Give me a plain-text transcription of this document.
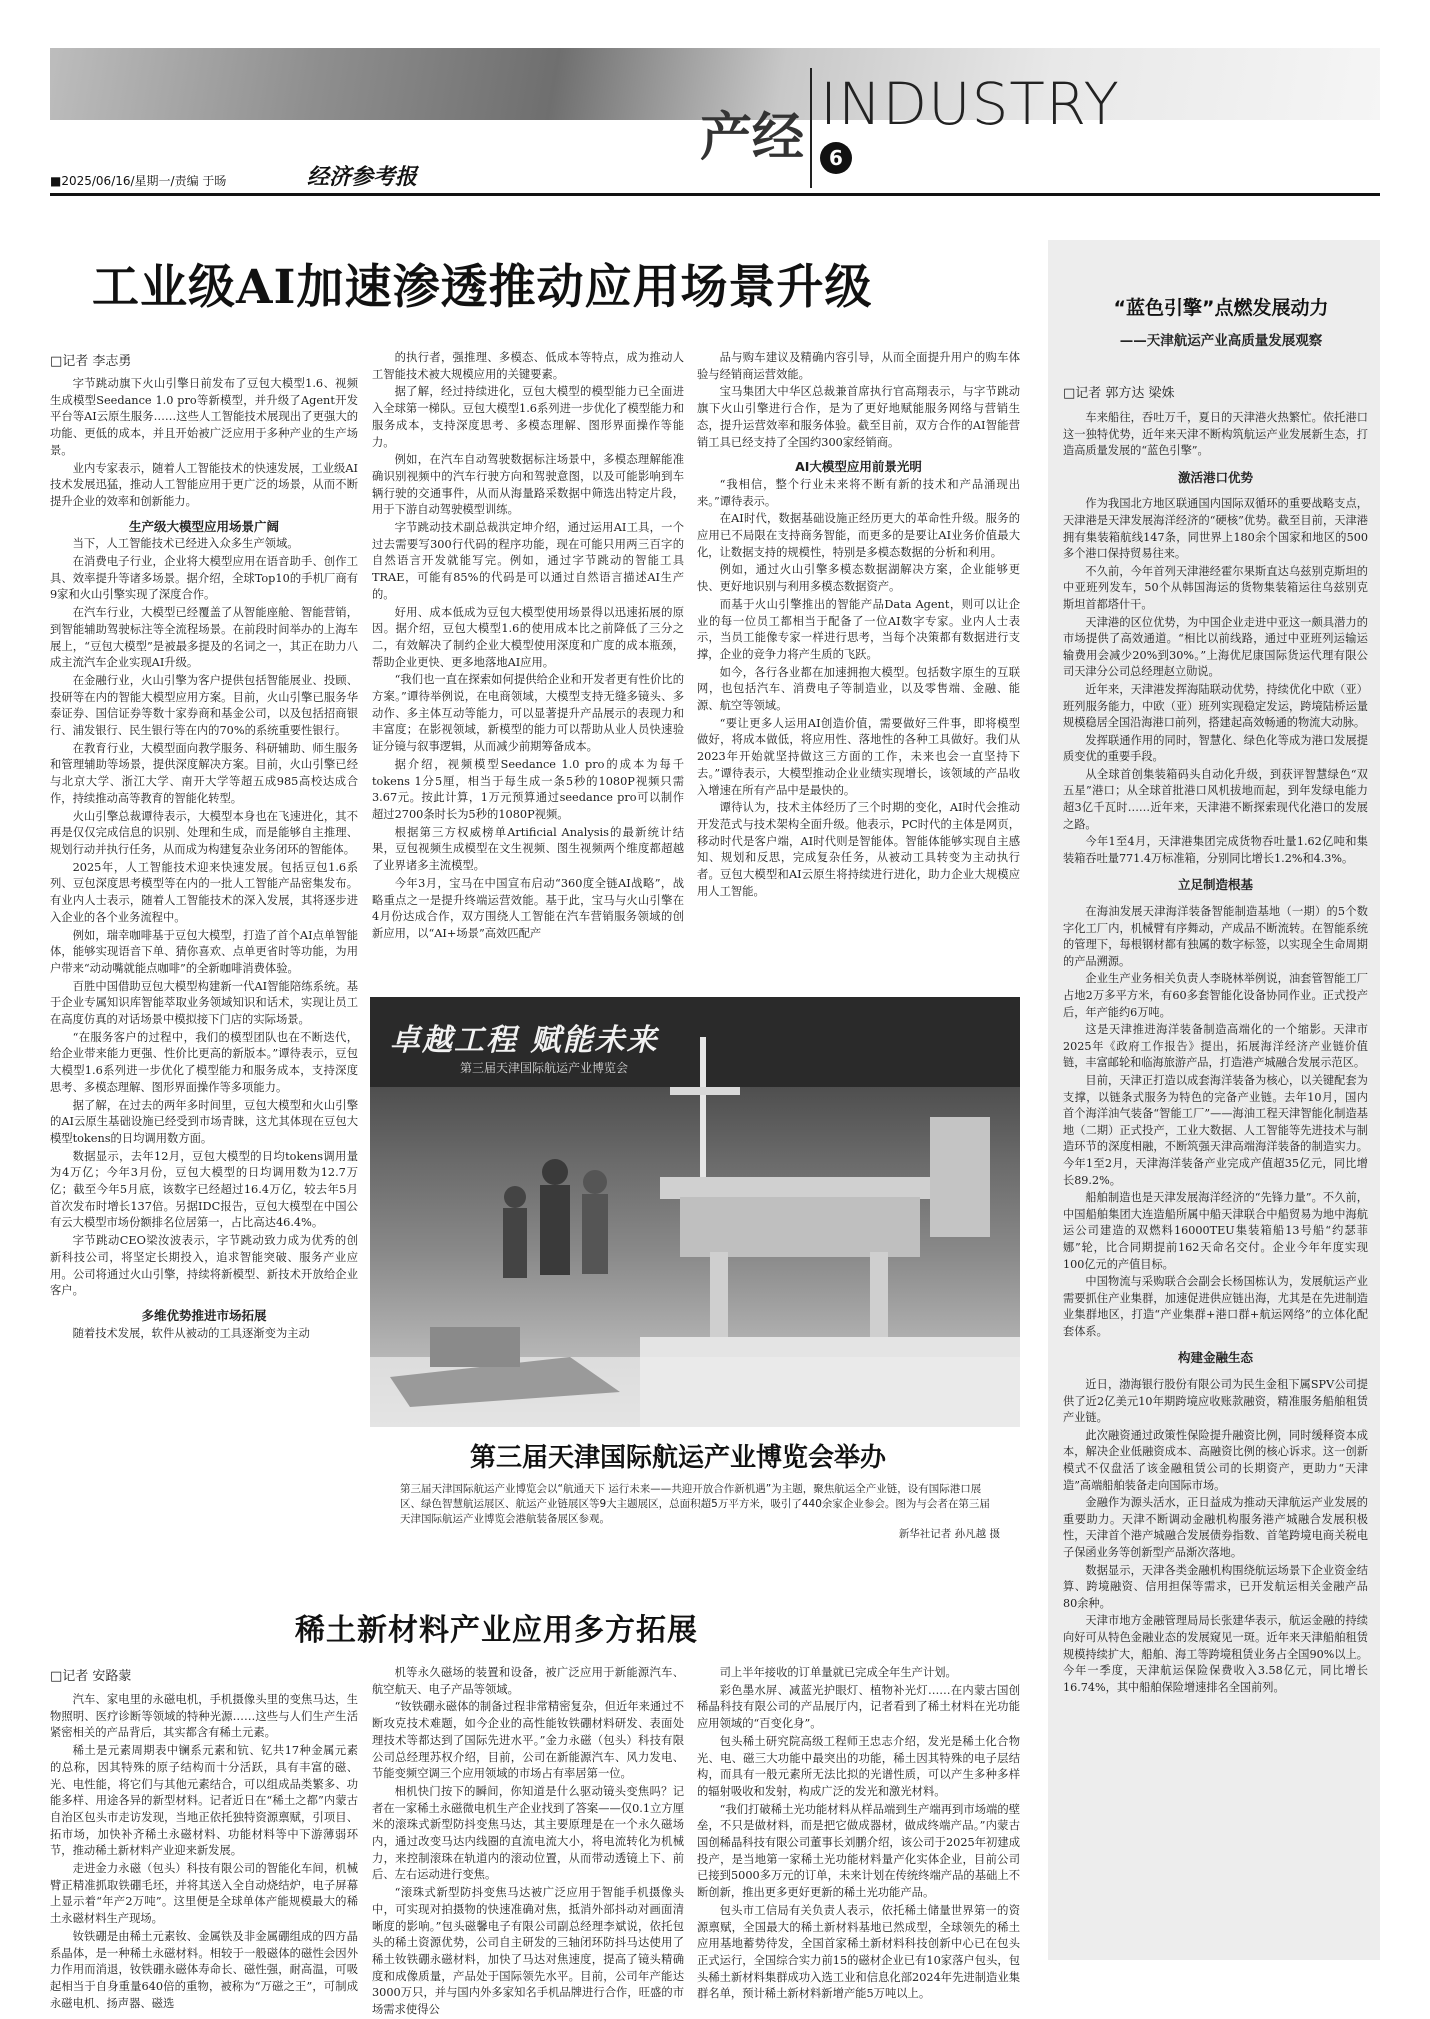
产经 INDUSTRY
6
■2025/06/16/星期一/责编 于旸	经济参考报
工业级AI加速渗透推动应用场景升级
□记者 李志勇

字节跳动旗下火山引擎日前发布了豆包大模型1.6、视频生成模型Seedance 1.0 pro等新模型，并升级了Agent开发平台等AI云原生服务……这些人工智能技术展现出了更强大的功能、更低的成本，并且开始被广泛应用于多种产业的生产场景。

业内专家表示，随着人工智能技术的快速发展，工业级AI技术发展迅猛，推动人工智能应用于更广泛的场景，从而不断提升企业的效率和创新能力。

生产级大模型应用场景广阔

当下，人工智能技术已经进入众多生产领域。

在消费电子行业，企业将大模型应用在语音助手、创作工具、效率提升等诸多场景。据介绍，全球Top10的手机厂商有9家和火山引擎实现了深度合作。

在汽车行业，大模型已经覆盖了从智能座舱、智能营销，到智能辅助驾驶标注等全流程场景。在前段时间举办的上海车展上，“豆包大模型”是被最多提及的名词之一，其正在助力八成主流汽车企业实现AI升级。

在金融行业，火山引擎为客户提供包括智能展业、投顾、投研等在内的智能大模型应用方案。目前，火山引擎已服务华泰证券、国信证券等数十家券商和基金公司，以及包括招商银行、浦发银行、民生银行等在内的70%的系统重要性银行。

在教育行业，大模型面向教学服务、科研辅助、师生服务和管理辅助等场景，提供深度解决方案。目前，火山引擎已经与北京大学、浙江大学、南开大学等超五成985高校达成合作，持续推动高等教育的智能化转型。

火山引擎总裁谭待表示，大模型本身也在飞速进化，其不再是仅仅完成信息的识别、处理和生成，而是能够自主推理、规划行动并执行任务，从而成为构建复杂业务闭环的智能体。

2025年，人工智能技术迎来快速发展。包括豆包1.6系列、豆包深度思考模型等在内的一批人工智能产品密集发布。有业内人士表示，随着人工智能技术的深入发展，其将逐步进入企业的各个业务流程中。

例如，瑞幸咖啡基于豆包大模型，打造了首个AI点单智能体，能够实现语音下单、猜你喜欢、点单更省时等功能，为用户带来“动动嘴就能点咖啡”的全新咖啡消费体验。

百胜中国借助豆包大模型构建新一代AI智能陪练系统。基于企业专属知识库智能萃取业务领域知识和话术，实现让员工在高度仿真的对话场景中模拟接下门店的实际场景。

“在服务客户的过程中，我们的模型团队也在不断迭代，给企业带来能力更强、性价比更高的新版本。”谭待表示，豆包大模型1.6系列进一步优化了模型能力和服务成本，支持深度思考、多模态理解、图形界面操作等多项能力。

据了解，在过去的两年多时间里，豆包大模型和火山引擎的AI云原生基础设施已经受到市场青睐，这尤其体现在豆包大模型tokens的日均调用数方面。

数据显示，去年12月，豆包大模型的日均tokens调用量为4万亿；今年3月份，豆包大模型的日均调用数为12.7万亿；截至今年5月底，该数字已经超过16.4万亿，较去年5月首次发布时增长137倍。另据IDC报告，豆包大模型在中国公有云大模型市场份额排名位居第一，占比高达46.4%。

字节跳动CEO梁汝波表示，字节跳动致力成为优秀的创新科技公司，将坚定长期投入，追求智能突破、服务产业应用。公司将通过火山引擎，持续将新模型、新技术开放给企业客户。

多维优势推进市场拓展

随着技术发展，软件从被动的工具逐渐变为主动

的执行者，强推理、多模态、低成本等特点，成为推动人工智能技术被大规模应用的关键要素。

据了解，经过持续进化，豆包大模型的模型能力已全面进入全球第一梯队。豆包大模型1.6系列进一步优化了模型能力和服务成本，支持深度思考、多模态理解、图形界面操作等能力。

例如，在汽车自动驾驶数据标注场景中，多模态理解能准确识别视频中的汽车行驶方向和驾驶意图，以及可能影响到车辆行驶的交通事件，从而从海量路采数据中筛选出特定片段，用于下游自动驾驶模型训练。

字节跳动技术副总裁洪定坤介绍，通过运用AI工具，一个过去需要写300行代码的程序功能，现在可能只用两三百字的自然语言开发就能写完。例如，通过字节跳动的智能工具TRAE，可能有85%的代码是可以通过自然语言描述AI生产的。

好用、成本低成为豆包大模型使用场景得以迅速拓展的原因。据介绍，豆包大模型1.6的使用成本比之前降低了三分之二，有效解决了制约企业大模型使用深度和广度的成本瓶颈，帮助企业更快、更多地落地AI应用。

“我们也一直在探索如何提供给企业和开发者更有性价比的方案。”谭待举例说，在电商领域，大模型支持无缝多镜头、多动作、多主体互动等能力，可以显著提升产品展示的表现力和丰富度；在影视领域，新模型的能力可以帮助从业人员快速验证分镜与叙事逻辑，从而减少前期筹备成本。

据介绍，视频模型Seedance 1.0 pro的成本为每千tokens 1分5厘，相当于每生成一条5秒的1080P视频只需3.67元。按此计算，1万元预算通过seedance pro可以制作超过2700条时长为5秒的1080P视频。

根据第三方权威榜单Artificial Analysis的最新统计结果，豆包视频生成模型在文生视频、图生视频两个维度都超越了业界诸多主流模型。

今年3月，宝马在中国宣布启动“360度全链AI战略”，战略重点之一是提升终端运营效能。基于此，宝马与火山引擎在4月份达成合作，双方围绕人工智能在汽车营销服务领域的创新应用，以“AI+场景”高效匹配产

品与购车建议及精确内容引导，从而全面提升用户的购车体验与经销商运营效能。

宝马集团大中华区总裁兼首席执行官高翔表示，与字节跳动旗下火山引擎进行合作，是为了更好地赋能服务网络与营销生态，提升运营效率和服务体验。截至目前，双方合作的AI智能营销工具已经支持了全国约300家经销商。

AI大模型应用前景光明

“我相信，整个行业未来将不断有新的技术和产品涌现出来。”谭待表示。

在AI时代，数据基础设施正经历更大的革命性升级。服务的应用已不局限在支持商务智能，而更多的是要让AI业务价值最大化，让数据支持的规模性，特别是多模态数据的分析和利用。

例如，通过火山引擎多模态数据湖解决方案，企业能够更快、更好地识别与利用多模态数据资产。

而基于火山引擎推出的智能产品Data Agent，则可以让企业的每一位员工都相当于配备了一位AI数字专家。业内人士表示，当员工能像专家一样进行思考，当每个决策都有数据进行支撑，企业的竞争力将产生质的飞跃。

如今，各行各业都在加速拥抱大模型。包括数字原生的互联网，也包括汽车、消费电子等制造业，以及零售端、金融、能源、航空等领域。

“要让更多人运用AI创造价值，需要做好三件事，即将模型做好，将成本做低，将应用性、落地性的各种工具做好。我们从2023年开始就坚持做这三方面的工作，未来也会一直坚持下去。”谭待表示，大模型推动企业业绩实现增长，该领域的产品收入增速在所有产品中是最快的。

谭待认为，技术主体经历了三个时期的变化，AI时代会推动开发范式与技术架构全面升级。他表示，PC时代的主体是网页，移动时代是客户端，AI时代则是智能体。智能体能够实现自主感知、规划和反思，完成复杂任务，从被动工具转变为主动执行者。豆包大模型和AI云原生将持续进行进化，助力企业大规模应用人工智能。

卓越工程 赋能未来
第三届天津国际航运产业博览会
第三届天津国际航运产业博览会举办
第三届天津国际航运产业博览会以“航通天下 运行未来——共迎开放合作新机遇”为主题，聚焦航运全产业链，设有国际港口展区、绿色智慧航运展区、航运产业链展区等9大主题展区，总面积超5万平方米，吸引了440余家企业参会。图为与会者在第三届天津国际航运产业博览会港航装备展区参观。
新华社记者 孙凡越 摄
稀土新材料产业应用多方拓展
□记者 安路蒙

汽车、家电里的永磁电机，手机摄像头里的变焦马达，生物照明、医疗诊断等领域的特种光源……这些与人们生产生活紧密相关的产品背后，其实都含有稀土元素。

稀土是元素周期表中镧系元素和钪、钇共17种金属元素的总称，因其特殊的原子结构而十分活跃，具有丰富的磁、光、电性能，将它们与其他元素结合，可以组成品类繁多、功能多样、用途各异的新型材料。记者近日在“稀土之都”内蒙古自治区包头市走访发现，当地正依托独特资源禀赋，引项目、拓市场，加快补齐稀土永磁材料、功能材料等中下游薄弱环节，推动稀土新材料产业迎来新发展。

走进金力永磁（包头）科技有限公司的智能化车间，机械臂正精准抓取铁硼毛坯，并将其送入全自动烧结炉，电子屏幕上显示着“年产2万吨”。这里便是全球单体产能规模最大的稀土永磁材料生产现场。

钕铁硼是由稀土元素钕、金属铁及非金属硼组成的四方晶系晶体，是一种稀土永磁材料。相较于一般磁体的磁性会因外力作用而消退，钕铁硼永磁体寿命长、磁性强，耐高温，可吸起相当于自身重量640倍的重物，被称为“万磁之王”，可制成永磁电机、扬声器、磁选

机等永久磁场的装置和设备，被广泛应用于新能源汽车、航空航天、电子产品等领域。

“钕铁硼永磁体的制备过程非常精密复杂，但近年来通过不断攻克技术难题，如今企业的高性能钕铁硼材料研发、表面处理技术等都达到了国际先进水平。”金力永磁（包头）科技有限公司总经理苏权介绍，目前，公司在新能源汽车、风力发电、节能变频空调三个应用领域的市场占有率居第一位。

相机快门按下的瞬间，你知道是什么驱动镜头变焦吗？记者在一家稀土永磁微电机生产企业找到了答案——仅0.1立方厘米的滚珠式新型防抖变焦马达，其主要原理是在一个永久磁场内，通过改变马达内线圈的直流电流大小，将电流转化为机械力，来控制滚珠在轨道内的滚动位置，从而带动透镜上下、前后、左右运动进行变焦。

“滚珠式新型防抖变焦马达被广泛应用于智能手机摄像头中，可实现对拍摄物的快速准确对焦，抵消外部抖动对画面清晰度的影响。”包头磁馨电子有限公司副总经理李斌说，依托包头的稀土资源优势，公司自主研发的三轴闭环防抖马达使用了稀土钕铁硼永磁材料，加快了马达对焦速度，提高了镜头精确度和成像质量，产品处于国际领先水平。目前，公司年产能达3000万只，并与国内外多家知名手机品牌进行合作，旺盛的市场需求使得公

司上半年接收的订单量就已完成全年生产计划。

彩色墨水屏、减蓝光护眼灯、植物补光灯……在内蒙古国创稀晶科技有限公司的产品展厅内，记者看到了稀土材料在光功能应用领域的“百变化身”。

包头稀土研究院高级工程师王忠志介绍，发光是稀土化合物光、电、磁三大功能中最突出的功能，稀土因其特殊的电子层结构，而具有一般元素所无法比拟的光谱性质，可以产生多种多样的辐射吸收和发射，构成广泛的发光和激光材料。

“我们打破稀土光功能材料从样品端到生产端再到市场端的壁垒，不只是做材料，而是把它做成器材，做成终端产品。”内蒙古国创稀晶科技有限公司董事长刘鹏介绍，该公司于2025年初建成投产，是当地第一家稀土光功能材料量产化实体企业，目前公司已接到5000多万元的订单，未来计划在传统终端产品的基础上不断创新，推出更多更好更新的稀土光功能产品。

包头市工信局有关负责人表示，依托稀土储量世界第一的资源禀赋，全国最大的稀土新材料基地已然成型，全球领先的稀土应用基地蓄势待发，全国首家稀土新材料科技创新中心已在包头正式运行，全国综合实力前15的磁材企业已有10家落户包头，包头稀土新材料集群成功入选工业和信息化部2024年先进制造业集群名单，预计稀土新材料新增产能5万吨以上。

“蓝色引擎”点燃发展动力
——天津航运产业高质量发展观察
□记者 郭方达 梁姝

车来船往，吞吐万千，夏日的天津港火热繁忙。依托港口这一独特优势，近年来天津不断构筑航运产业发展新生态，打造高质量发展的“蓝色引擎”。

激活港口优势

作为我国北方地区联通国内国际双循环的重要战略支点，天津港是天津发展海洋经济的“硬核”优势。截至目前，天津港拥有集装箱航线147条，同世界上180余个国家和地区的500多个港口保持贸易往来。

不久前，今年首列天津港经霍尔果斯直达乌兹别克斯坦的中亚班列发车，50个从韩国海运的货物集装箱运往乌兹别克斯坦首都塔什干。

天津港的区位优势，为中国企业走进中亚这一颇具潜力的市场提供了高效通道。“相比以前线路，通过中亚班列运输运输费用会减少20%到30%。”上海优尼康国际货运代理有限公司天津分公司总经理赵立勋说。

近年来，天津港发挥海陆联动优势，持续优化中欧（亚）班列服务能力，中欧（亚）班列实现稳定发运，跨境陆桥运量规模稳居全国沿海港口前列，搭建起高效畅通的物流大动脉。

发挥联通作用的同时，智慧化、绿色化等成为港口发展提质变优的重要手段。

从全球首创集装箱码头自动化升级，到获评智慧绿色“双五星”港口；从全球首批港口风机拔地而起，到年发绿电能力超3亿千瓦时……近年来，天津港不断探索现代化港口的发展之路。

今年1至4月，天津港集团完成货物吞吐量1.62亿吨和集装箱吞吐量771.4万标准箱，分别同比增长1.2%和4.3%。

立足制造根基

在海油发展天津海洋装备智能制造基地（一期）的5个数字化工厂内，机械臂有序舞动，产成品不断流转。在智能系统的管理下，每根钢材都有独属的数字标签，以实现全生命周期的产品溯源。

企业生产业务相关负责人李晓林举例说，油套管智能工厂占地2万多平方米，有60多套智能化设备协同作业。正式投产后，年产能约6万吨。

这是天津推进海洋装备制造高端化的一个缩影。天津市2025年《政府工作报告》提出，拓展海洋经济产业链价值链，丰富邮轮和临海旅游产品，打造港产城融合发展示范区。

目前，天津正打造以成套海洋装备为核心，以关键配套为支撑，以链条式服务为特色的完备产业链。去年10月，国内首个海洋油气装备“智能工厂”——海油工程天津智能化制造基地（二期）正式投产，工业大数据、人工智能等先进技术与制造环节的深度相融，不断筑强天津高端海洋装备的制造实力。今年1至2月，天津海洋装备产业完成产值超35亿元，同比增长89.2%。

船舶制造也是天津发展海洋经济的“先锋力量”。不久前，中国船舶集团大连造船所属中船天津联合中船贸易为地中海航运公司建造的双燃料16000TEU集装箱船13号船“约瑟菲娜”轮，比合同期提前162天命名交付。企业今年年度实现100亿元的产值目标。

中国物流与采购联合会副会长杨国栋认为，发展航运产业需要抓住产业集群，加速促进供应链出海，尤其是在先进制造业集群地区，打造“产业集群+港口群+航运网络”的立体化配套体系。

构建金融生态

近日，渤海银行股份有限公司为民生金租下属SPV公司提供了近2亿美元10年期跨境应收账款融资，精准服务船舶租赁产业链。

此次融资通过政策性保险提升融资比例，同时缓释资本成本，解决企业低融资成本、高融资比例的核心诉求。这一创新模式不仅盘活了该金融租赁公司的长期资产，更助力“天津造”高端船舶装备走向国际市场。

金融作为源头活水，正日益成为推动天津航运产业发展的重要助力。天津不断调动金融机构服务港产城融合发展积极性，天津首个港产城融合发展债券指数、首笔跨境电商关税电子保函业务等创新型产品渐次落地。

数据显示，天津各类金融机构围绕航运场景下企业资金结算、跨境融资、信用担保等需求，已开发航运相关金融产品80余种。

天津市地方金融管理局局长张建华表示，航运金融的持续向好可从特色金融业态的发展窥见一斑。近年来天津船舶租赁规模持续扩大，船舶、海工等跨境租赁业务占全国90%以上。今年一季度，天津航运保险保费收入3.58亿元，同比增长16.74%，其中船舶保险增速排名全国前列。
